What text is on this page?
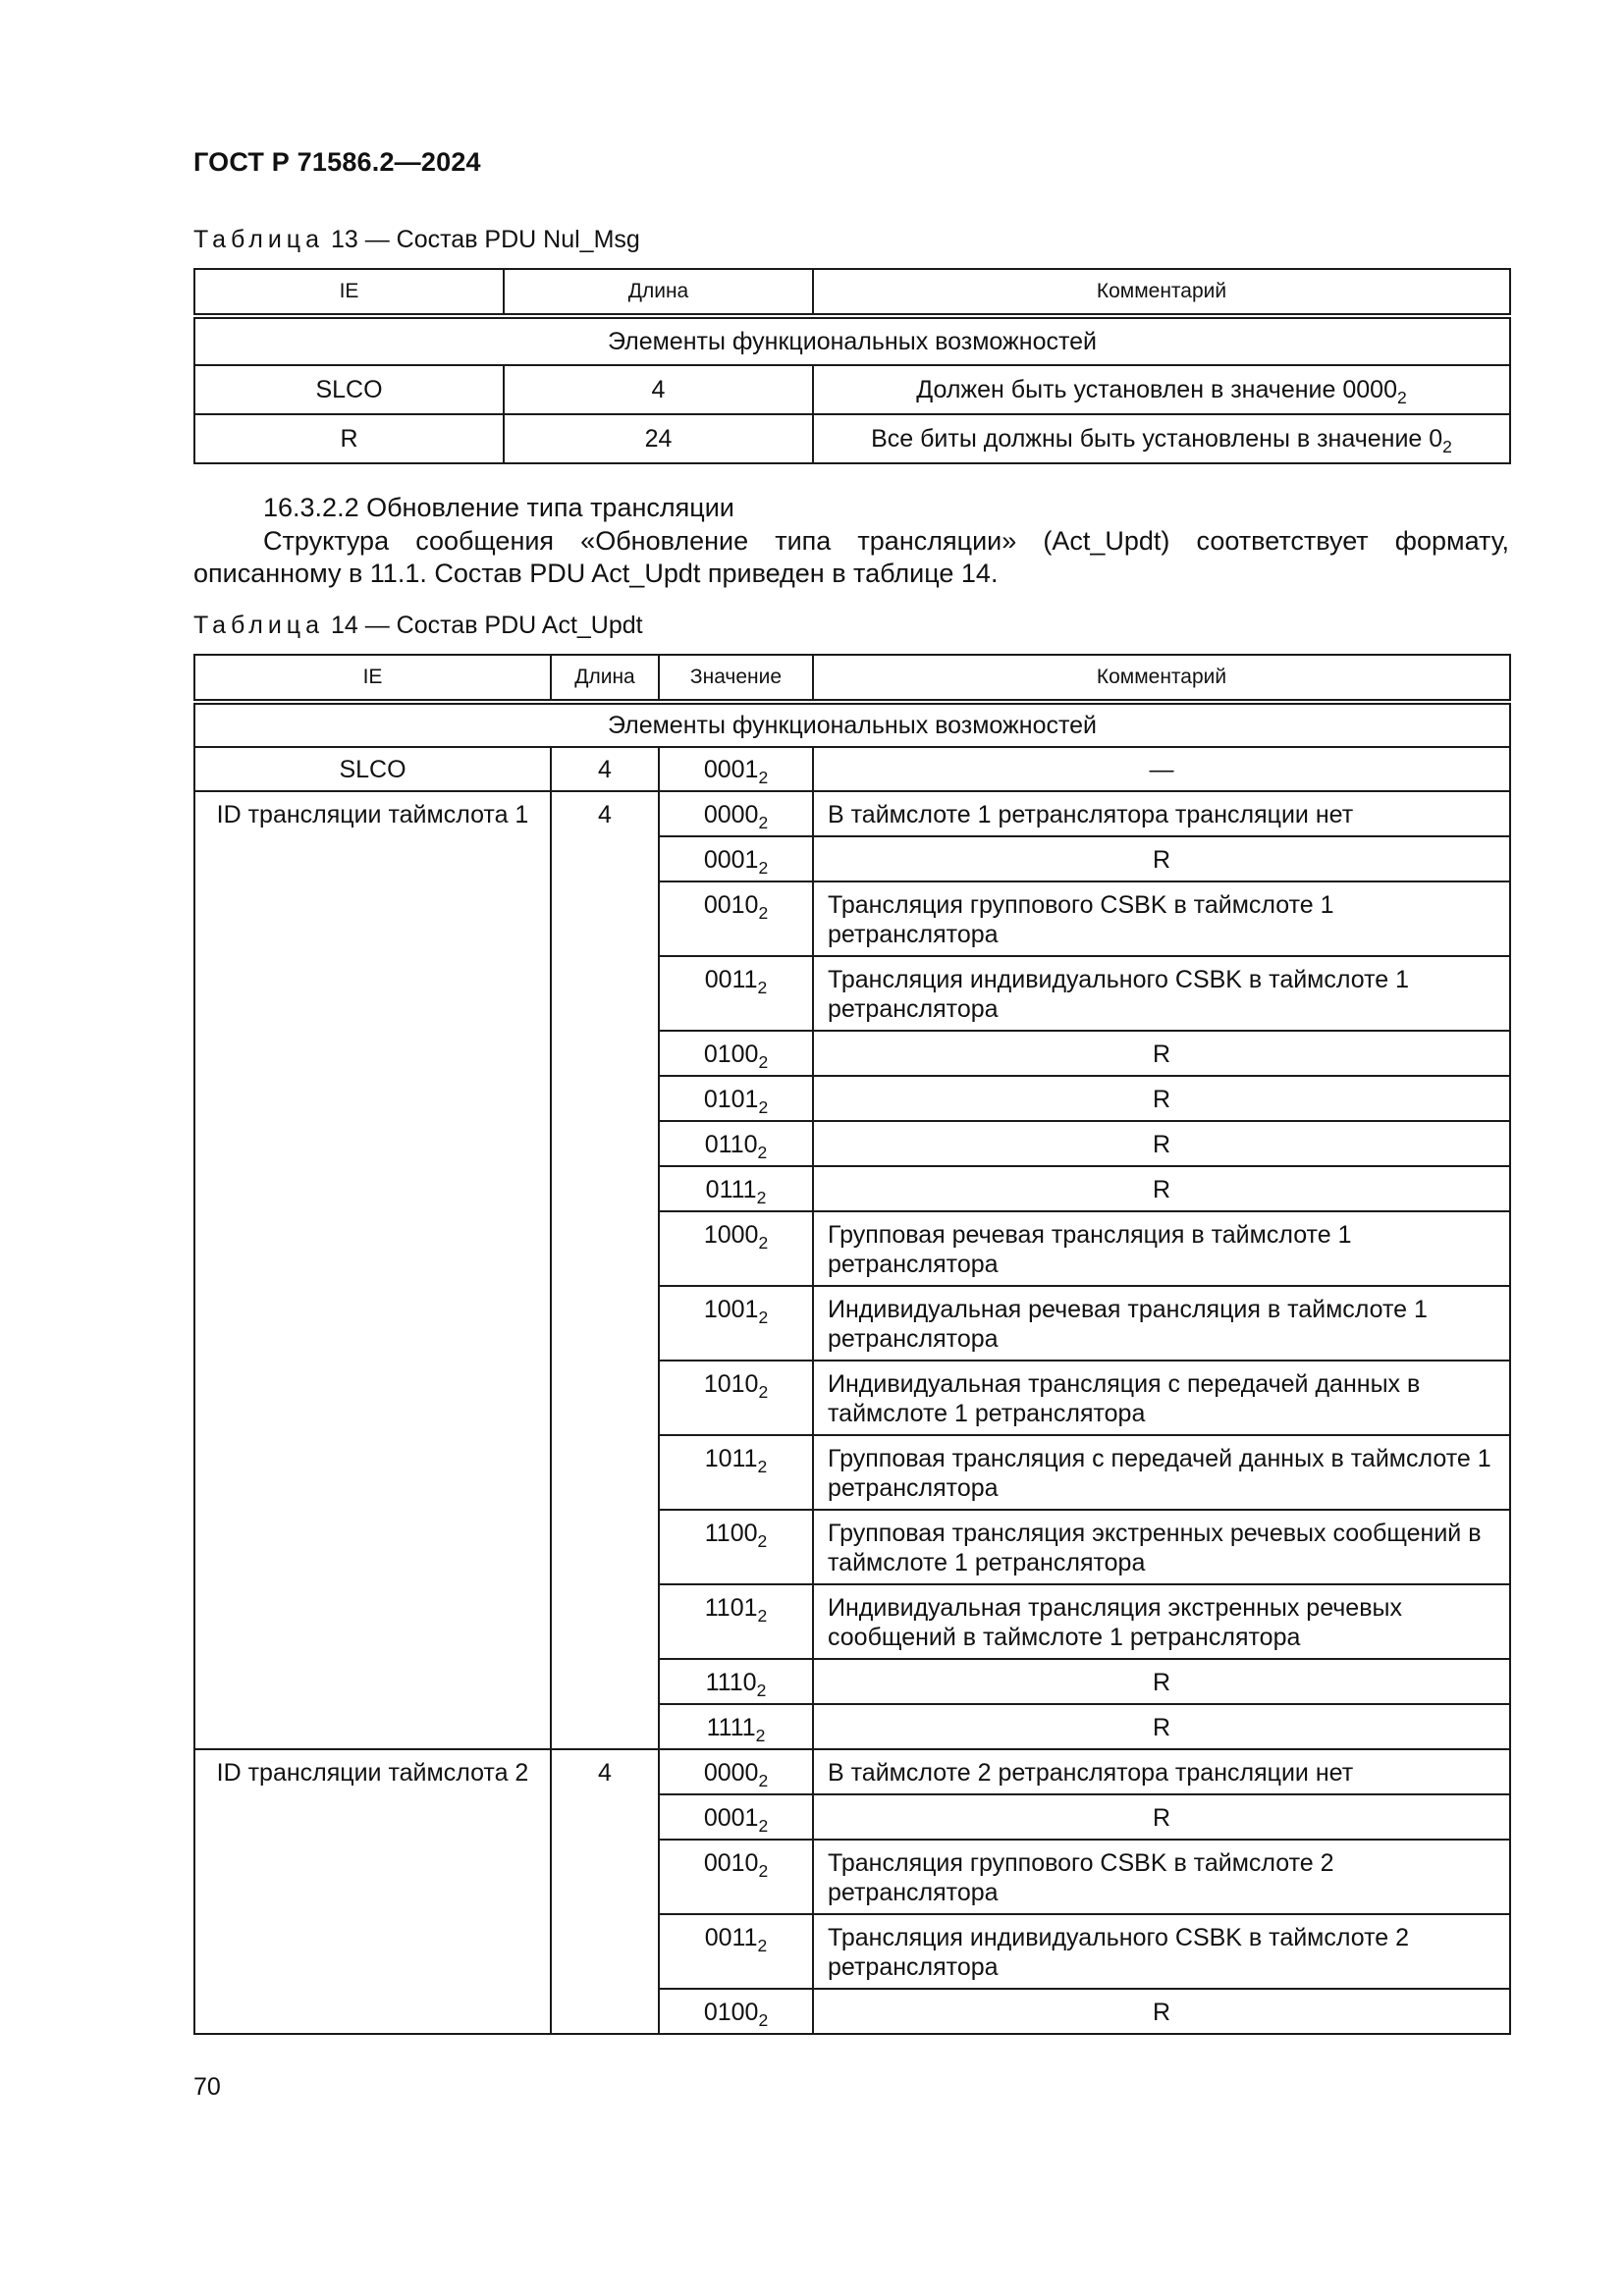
ГОСТ Р 71586.2—2024
Таблица 13 — Состав PDU Nul_Msg
IE	Длина	Комментарий
Элементы функциональных возможностей		
SLCO	4	Должен быть установлен в значение $0000_2$
R	24	Все биты должны быть установлены в значение $0_2$
16.3.2.2 Обновление типа трансляции
Структура сообщения «Обновление типа трансляции» (Act_Updt) соответствует формату, описанному в 11.1. Состав PDU Act_Updt приведен в таблице 14.
Таблица 14 — Состав PDU Act_Updt
IE	Длина	Значение	Комментарий
Элементы функциональных возможностей			
SLCO	4	$0001_2$	—
ID трансляции таймслота 1	4	$0000_2$	В таймслоте 1 ретранслятора трансляции нет
		$0001_2$	R
		$0010_2$	Трансляция группового CSBK в таймслоте 1 ретранслятора
		$0011_2$	Трансляция индивидуального CSBK в таймслоте 1 ретранслятора
		$0100_2$	R
		$0101_2$	R
		$0110_2$	R
		$0111_2$	R
		$1000_2$	Групповая речевая трансляция в таймслоте 1 ретранслятора
		$1001_2$	Индивидуальная речевая трансляция в таймслоте 1 ретранслятора
		$1010_2$	Индивидуальная трансляция с передачей данных в таймслоте 1 ретранслятора
		$1011_2$	Групповая трансляция с передачей данных в таймслоте 1 ретранслятора
		$1100_2$	Групповая трансляция экстренных речевых сообщений в таймслоте 1 ретранслятора
		$1101_2$	Индивидуальная трансляция экстренных речевых сообщений в таймслоте 1 ретранслятора
		$1110_2$	R
		$1111_2$	R
ID трансляции таймслота 2	4	$0000_2$	В таймслоте 2 ретранслятора трансляции нет
		$0001_2$	R
		$0010_2$	Трансляция группового CSBK в таймслоте 2 ретранслятора
		$0011_2$	Трансляция индивидуального CSBK в таймслоте 2 ретранслятора
		$0100_2$	R
70
